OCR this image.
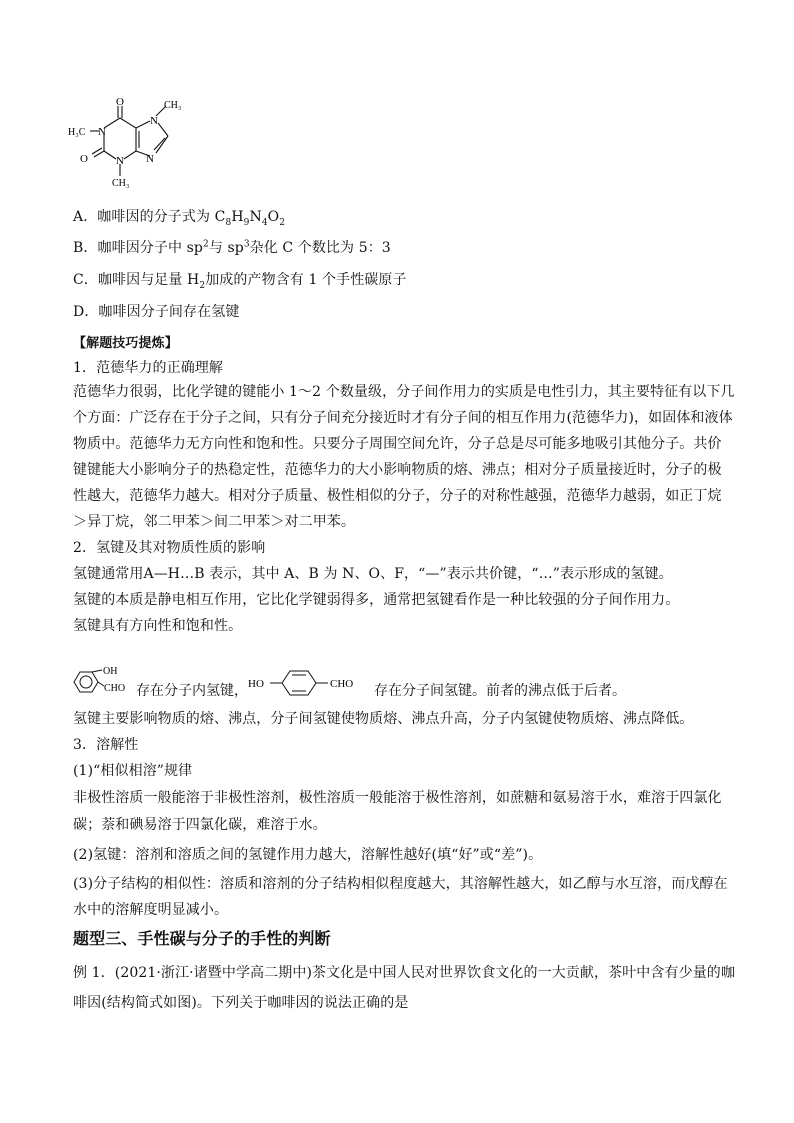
O
O
H₃C N
N
CH₃
N
CH₃
N
A．咖啡因的分子式为 $C_8H_9N_4O_2$
B．咖啡因分子中 $sp^2$与 $sp^3$杂化 C 个数比为 5：3
C．咖啡因与足量 $H_2$加成的产物含有 1 个手性碳原子
D．咖啡因分子间存在氢键
【解题技巧提炼】
1．范德华力的正确理解
范德华力很弱，比化学键的键能小 1～2 个数量级，分子间作用力的实质是电性引力，其主要特征有以下几
个方面：广泛存在于分子之间，只有分子间充分接近时才有分子间的相互作用力(范德华力)，如固体和液体
物质中。范德华力无方向性和饱和性。只要分子周围空间允许，分子总是尽可能多地吸引其他分子。共价
键键能大小影响分子的热稳定性，范德华力的大小影响物质的熔、沸点；相对分子质量接近时，分子的极
性越大，范德华力越大。相对分子质量、极性相似的分子，分子的对称性越强，范德华力越弱，如正丁烷
＞异丁烷，邻二甲苯＞间二甲苯＞对二甲苯。
2．氢键及其对物质性质的影响
氢键通常用A—H…B 表示，其中 A、B 为 N、O、F，“—”表示共价键，“…”表示形成的氢键。
氢键的本质是静电相互作用，它比化学键弱得多，通常把氢键看作是一种比较强的分子间作用力。
氢键具有方向性和饱和性。
OH
CHO 存在分子内氢键， HO	CHO 存在分子间氢键。前者的沸点低于后者。
氢键主要影响物质的熔、沸点，分子间氢键使物质熔、沸点升高，分子内氢键使物质熔、沸点降低。
3．溶解性
(1)“相似相溶”规律
非极性溶质一般能溶于非极性溶剂，极性溶质一般能溶于极性溶剂，如蔗糖和氨易溶于水，难溶于四氯化
碳；萘和碘易溶于四氯化碳，难溶于水。
(2)氢键：溶剂和溶质之间的氢键作用力越大，溶解性越好(填“好”或“差”)。
(3)分子结构的相似性：溶质和溶剂的分子结构相似程度越大，其溶解性越大，如乙醇与水互溶，而戊醇在
水中的溶解度明显减小。
题型三、手性碳与分子的手性的判断
例 1．(2021·浙江·诸暨中学高二期中)茶文化是中国人民对世界饮食文化的一大贡献，茶叶中含有少量的咖
啡因(结构简式如图)。下列关于咖啡因的说法正确的是
